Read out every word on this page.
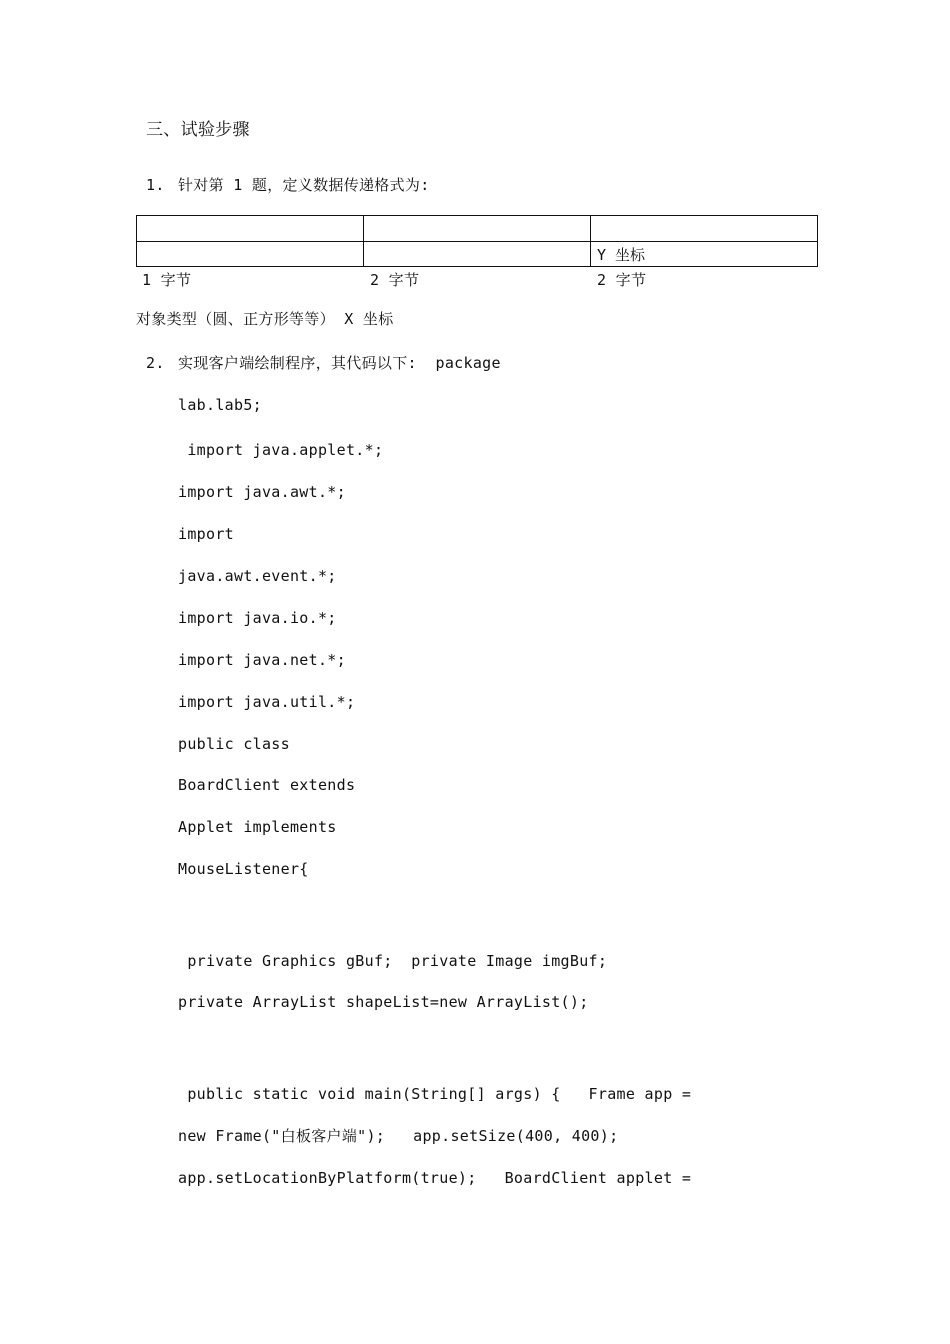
三、试验步骤
1. 针对第 1 题，定义数据传递格式为:

		Y 坐标
1 字节	2 字节	2 字节
对象类型（圆、正方形等等） X 坐标
2. 实现客户端绘制程序，其代码以下:  package
lab.lab5;
import java.applet.*;
import java.awt.*;
import
java.awt.event.*;
import java.io.*;
import java.net.*;
import java.util.*;
public class
BoardClient extends
Applet implements
MouseListener{
private Graphics gBuf;  private Image imgBuf;
private ArrayList shapeList=new ArrayList();
public static void main(String[] args) {   Frame app =
new Frame("白板客户端");   app.setSize(400, 400);
app.setLocationByPlatform(true);   BoardClient applet =
